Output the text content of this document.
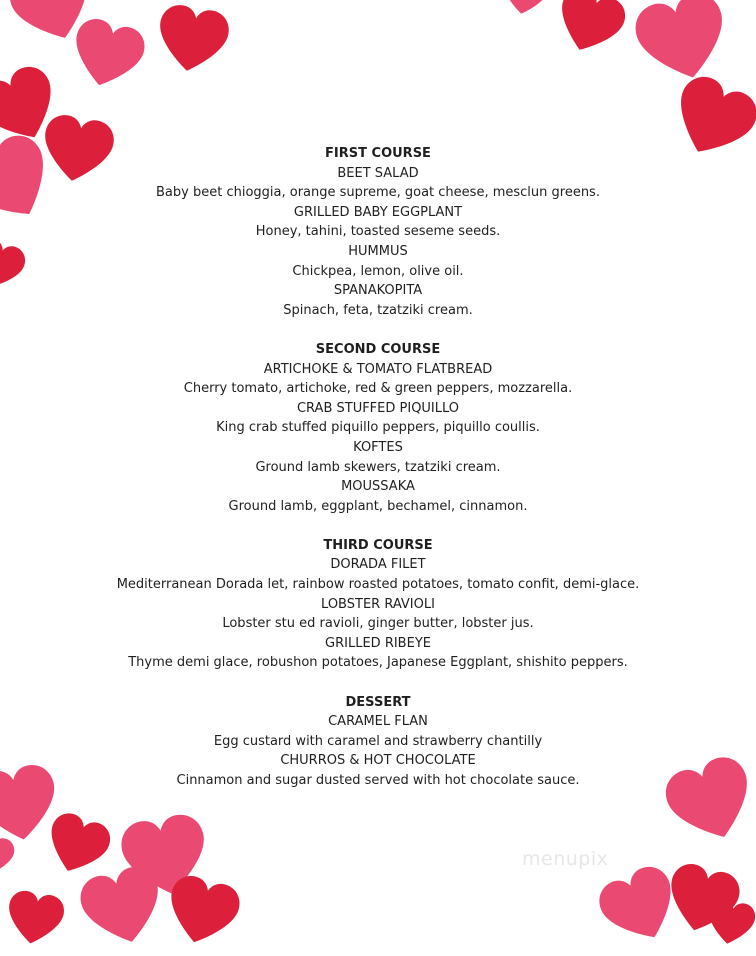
FIRST COURSE
BEET SALAD
Baby beet chioggia, orange supreme, goat cheese, mesclun greens.
GRILLED BABY EGGPLANT
Honey, tahini, toasted seseme seeds.
HUMMUS
Chickpea, lemon, olive oil.
SPANAKOPITA
Spinach, feta, tzatziki cream.
SECOND COURSE
ARTICHOKE & TOMATO FLATBREAD
Cherry tomato, artichoke, red & green peppers, mozzarella.
CRAB STUFFED PIQUILLO
King crab stuffed piquillo peppers, piquillo coullis.
KOFTES
Ground lamb skewers, tzatziki cream.
MOUSSAKA
Ground lamb, eggplant, bechamel, cinnamon.
THIRD COURSE
DORADA FILET
Mediterranean Dorada let, rainbow roasted potatoes, tomato confit, demi-glace.
LOBSTER RAVIOLI
Lobster stu ed ravioli, ginger butter, lobster jus.
GRILLED RIBEYE
Thyme demi glace, robushon potatoes, Japanese Eggplant, shishito peppers.
DESSERT
CARAMEL FLAN
Egg custard with caramel and strawberry chantilly
CHURROS & HOT CHOCOLATE
Cinnamon and sugar dusted served with hot chocolate sauce.
menupix
